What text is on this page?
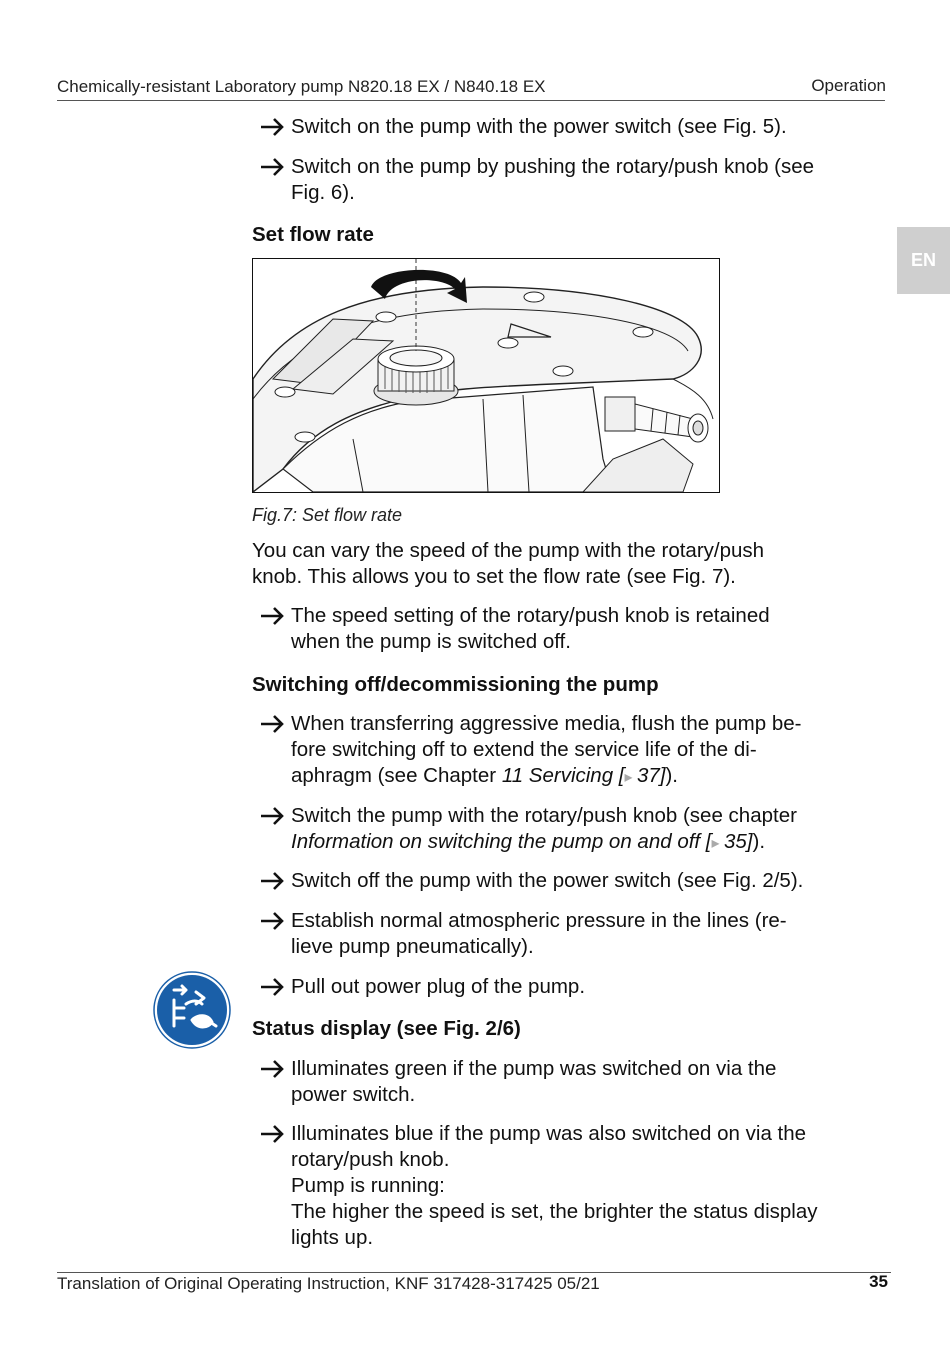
Chemically-resistant Laboratory pump N820.18 EX / N840.18 EX	Operation
EN
Switch on the pump with the power switch (see Fig. 5).
Switch on the pump by pushing the rotary/push knob (see
Fig. 6).
Set flow rate
Fig.7: Set flow rate
You can vary the speed of the pump with the rotary/push
knob. This allows you to set the flow rate (see Fig. 7).
The speed setting of the rotary/push knob is retained
when the pump is switched off.
Switching off/decommissioning the pump
When transferring aggressive media, flush the pump be-
fore switching off to extend the service life of the di-
aphragm (see Chapter 11 Servicing [▸ 37]).
Switch the pump with the rotary/push knob (see chapter
Information on switching the pump on and off [▸ 35]).
Switch off the pump with the power switch (see Fig. 2/5).
Establish normal atmospheric pressure in the lines (re-
lieve pump pneumatically).
Pull out power plug of the pump.
Status display (see Fig. 2/6)
Illuminates green if the pump was switched on via the
power switch.
Illuminates blue if the pump was also switched on via the
rotary/push knob.
Pump is running:
The higher the speed is set, the brighter the status display
lights up.
Translation of Original Operating Instruction, KNF 317428-317425 05/21	35
